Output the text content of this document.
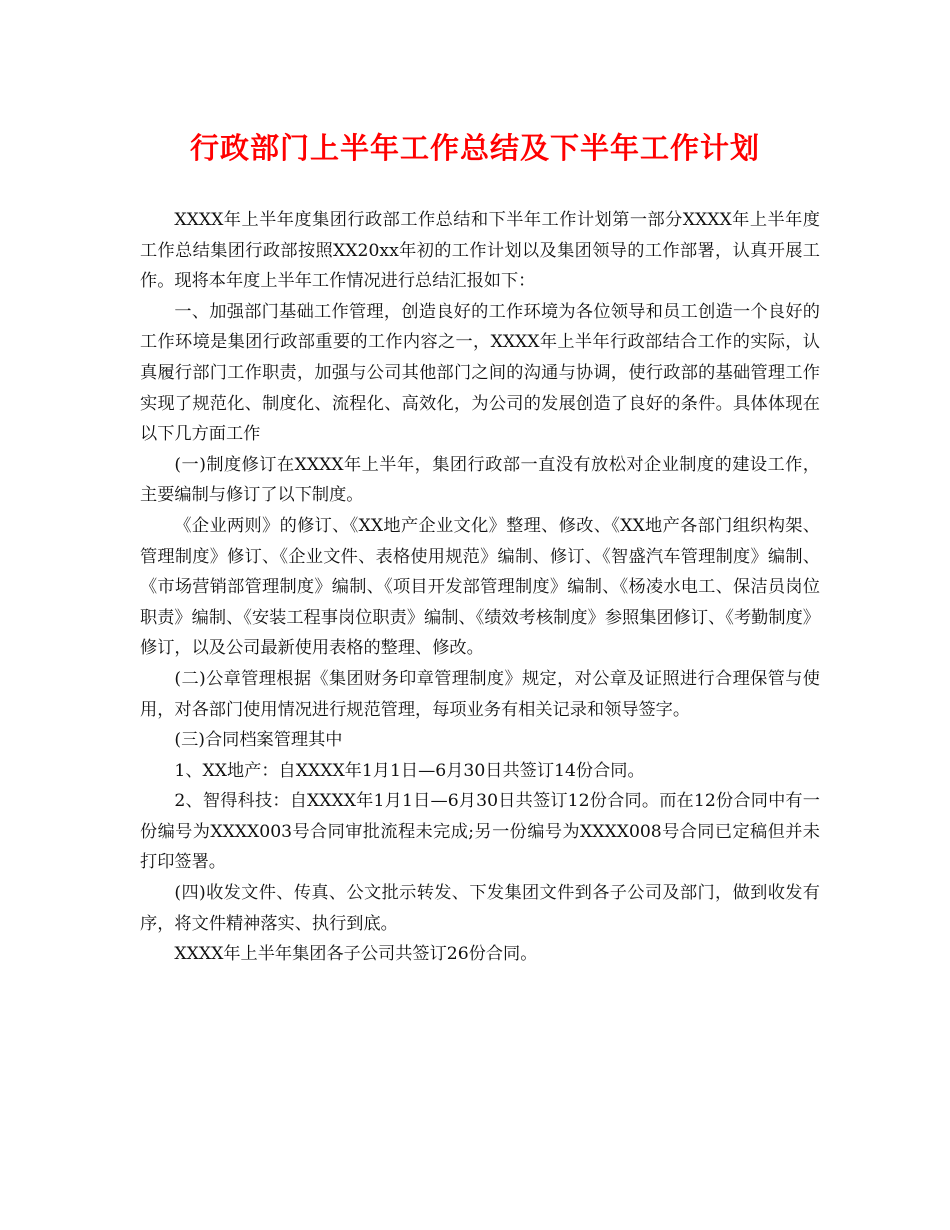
行政部门上半年工作总结及下半年工作计划

XXXX年上半年度集团行政部工作总结和下半年工作计划第一部分XXXX年上半年度工作总结集团行政部按照XX20xx年初的工作计划以及集团领导的工作部署，认真开展工作。现将本年度上半年工作情况进行总结汇报如下：

一、加强部门基础工作管理，创造良好的工作环境为各位领导和员工创造一个良好的工作环境是集团行政部重要的工作内容之一，XXXX年上半年行政部结合工作的实际，认真履行部门工作职责，加强与公司其他部门之间的沟通与协调，使行政部的基础管理工作实现了规范化、制度化、流程化、高效化，为公司的发展创造了良好的条件。具体体现在以下几方面工作

(一)制度修订在XXXX年上半年，集团行政部一直没有放松对企业制度的建设工作，主要编制与修订了以下制度。

《企业两则》的修订、《XX地产企业文化》整理、修改、《XX地产各部门组织构架、管理制度》修订、《企业文件、表格使用规范》编制、修订、《智盛汽车管理制度》编制、《市场营销部管理制度》编制、《项目开发部管理制度》编制、《杨凌水电工、保洁员岗位职责》编制、《安装工程事岗位职责》编制、《绩效考核制度》参照集团修订、《考勤制度》修订，以及公司最新使用表格的整理、修改。

(二)公章管理根据《集团财务印章管理制度》规定，对公章及证照进行合理保管与使用，对各部门使用情况进行规范管理，每项业务有相关记录和领导签字。

(三)合同档案管理其中

1、XX地产：自XXXX年1月1日—6月30日共签订14份合同。

2、智得科技：自XXXX年1月1日—6月30日共签订12份合同。而在12份合同中有一份编号为XXXX003号合同审批流程未完成;另一份编号为XXXX008号合同已定稿但并未打印签署。

(四)收发文件、传真、公文批示转发、下发集团文件到各子公司及部门，做到收发有序，将文件精神落实、执行到底。

XXXX年上半年集团各子公司共签订26份合同。
